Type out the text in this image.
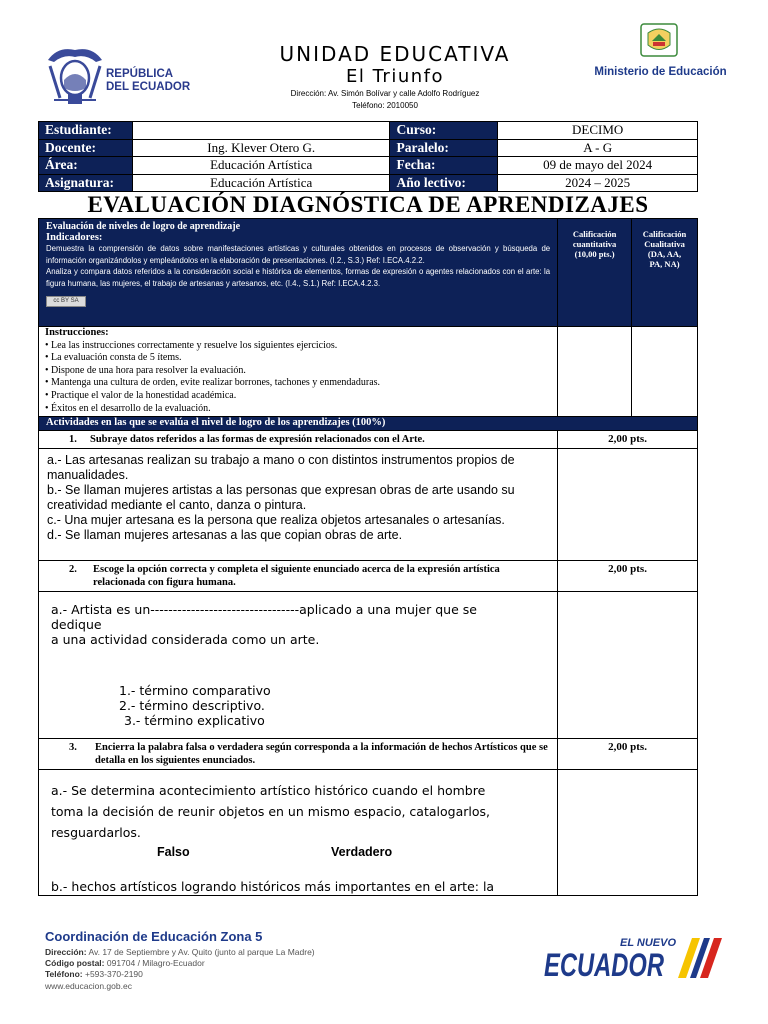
REPÚBLICA
DEL ECUADOR
UNIDAD EDUCATIVA
El Triunfo
Dirección: Av. Simón Bolívar y calle Adolfo Rodríguez
Teléfono: 2010050
Ministerio de Educación
Estudiante:		Curso:	DECIMO
Docente:	Ing. Klever Otero G.	Paralelo:	A - G
Área:	Educación Artística	Fecha:	09 de mayo del 2024
Asignatura:	Educación Artística	Año lectivo:	2024 – 2025
EVALUACIÓN DIAGNÓSTICA DE APRENDIZAJES
Evaluación de niveles de logro de aprendizaje
Indicadores:
Demuestra la comprensión de datos sobre manifestaciones artísticas y culturales obtenidos en procesos de observación y búsqueda de información organizándolos y empleándolos en la elaboración de presentaciones. (I.2., S.3.) Ref: I.ECA.4.2.2.
Analiza y compara datos referidos a la consideración social e histórica de elementos, formas de expresión o agentes relacionados con el arte: la figura humana, las mujeres, el trabajo de artesanas y artesanos, etc. (I.4., S.1.) Ref: I.ECA.4.2.3.
cc BY SA	
Calificación
cuantitativa
(10,00 pts.)

Calificación
Cualitativa
(DA, AA,
PA, NA)

Instrucciones:
• Lea las instrucciones correctamente y resuelve los siguientes ejercicios.
• La evaluación consta de 5 ítems.
• Dispone de una hora para resolver la evaluación.
• Mantenga una cultura de orden, evite realizar borrones, tachones y enmendaduras.
• Practique el valor de la honestidad académica.
• Éxitos en el desarrollo de la evaluación.

Actividades en las que se evalúa el nivel de logro de los aprendizajes (100%)
1. Subraye datos referidos a las formas de expresión relacionados con el Arte.	2,00 pts.

a.- Las artesanas realizan su trabajo a mano o con distintos instrumentos propios de manualidades.
b.- Se llaman mujeres artistas a las personas que expresan obras de arte usando su creatividad mediante el canto, danza o pintura.
c.- Una mujer artesana es la persona que realiza objetos artesanales o artesanías.
d.- Se llaman mujeres artesanas a las que copian obras de arte.

2.	Escoge la opción correcta y completa el siguiente enunciado acerca de la expresión artística relacionada con figura humana.
	2,00 pts.

a.- Artista es un---------------------------------aplicado a una mujer que se
dedique
a una actividad considerada como un arte.
1.- término comparativo
2.- término descriptivo.
3.- término explicativo

3.	Encierra la palabra falsa o verdadera según corresponda a la información de hechos Artísticos que se detalla en los siguientes enunciados.
	2,00 pts.

a.- Se determina acontecimiento artístico histórico cuando el hombre
toma la decisión de reunir objetos en un mismo espacio, catalogarlos,
resguardarlos.
Falso	Verdadero
b.- hechos artísticos logrando históricos más importantes en el arte: la

Coordinación de Educación Zona 5
Dirección: Av. 17 de Septiembre y Av. Quito (junto al parque La Madre)
Código postal: 091704 / Milagro-Ecuador
Teléfono: +593-370-2190
www.educacion.gob.ec
EL NUEVO
ECUADOR
